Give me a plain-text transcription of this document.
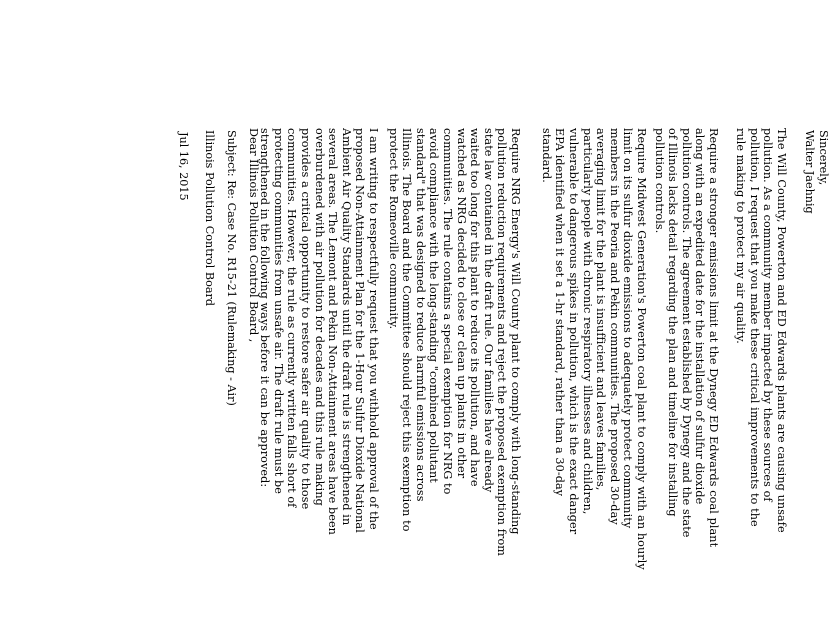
Jul 16, 2015 Illinois Pollution Control Board Subject: Re: Case No. R15-21 (Rulemaking - Air) Dear Illinois Pollution Control Board ,	I am writing to respectfully request that you withhold approval of the
proposed Non-Attainment Plan for the 1-Hour Sulfur Dioxide National
Ambient Air Quality Standards until the draft rule is strengthened in
several areas. The Lemont and Pekin Non-Attainment areas have been
overburdened with air pollution for decades and this rule making
provides a critical opportunity to restore safer air quality to those
communities. However, the rule as currently written falls short of
protecting communities from unsafe air. The draft rule must be
strengthened in the following ways before it can be approved:	Require NRG Energy's Will County plant to comply with long-standing
pollution reduction requirements and reject the proposed exemption from
state law contained in the draft rule. Our families have already
waited too long for this plant to reduce its pollution, and have
watched as NRG decided to close or clean up plants in other
communities. The rule contains a special exemption for NRG to
avoid compliance with the long-standing "combined pollutant
standard" that was designed to reduce harmful emissions across
Illinois. The Board and the Committee should reject this exemption to
protect the Romeoville community.	Require Midwest Generation's Powerton coal plant to comply with an hourly
limit on its sulfur dioxide emissions to adequately protect community
members in the Peoria and Pekin communities. The proposed 30-day
averaging limit for the plant is insufficient and leaves families,
particularly people with chronic respiratory illnesses and children,
vulnerable to dangerous spikes in pollution, which is the exact danger
EPA identified when it set a 1-hr standard, rather than a 30-day
standard.	Require a stronger emissions limit at the Dynegy ED Edwards coal plant
along with an expedited date for the installation of sulfur dioxide
pollution controls. The agreement established by Dynegy and the state
of Illinois lacks detail regarding the plan and timeline for installing
pollution controls.	The Will County, Powerton and ED Edwards plants are causing unsafe
pollution. As a community member impacted by these sources of
pollution, I request that you make these critical improvements to the
rule making to protect my air quality.	Sincerely,
Walter Jaehnig
